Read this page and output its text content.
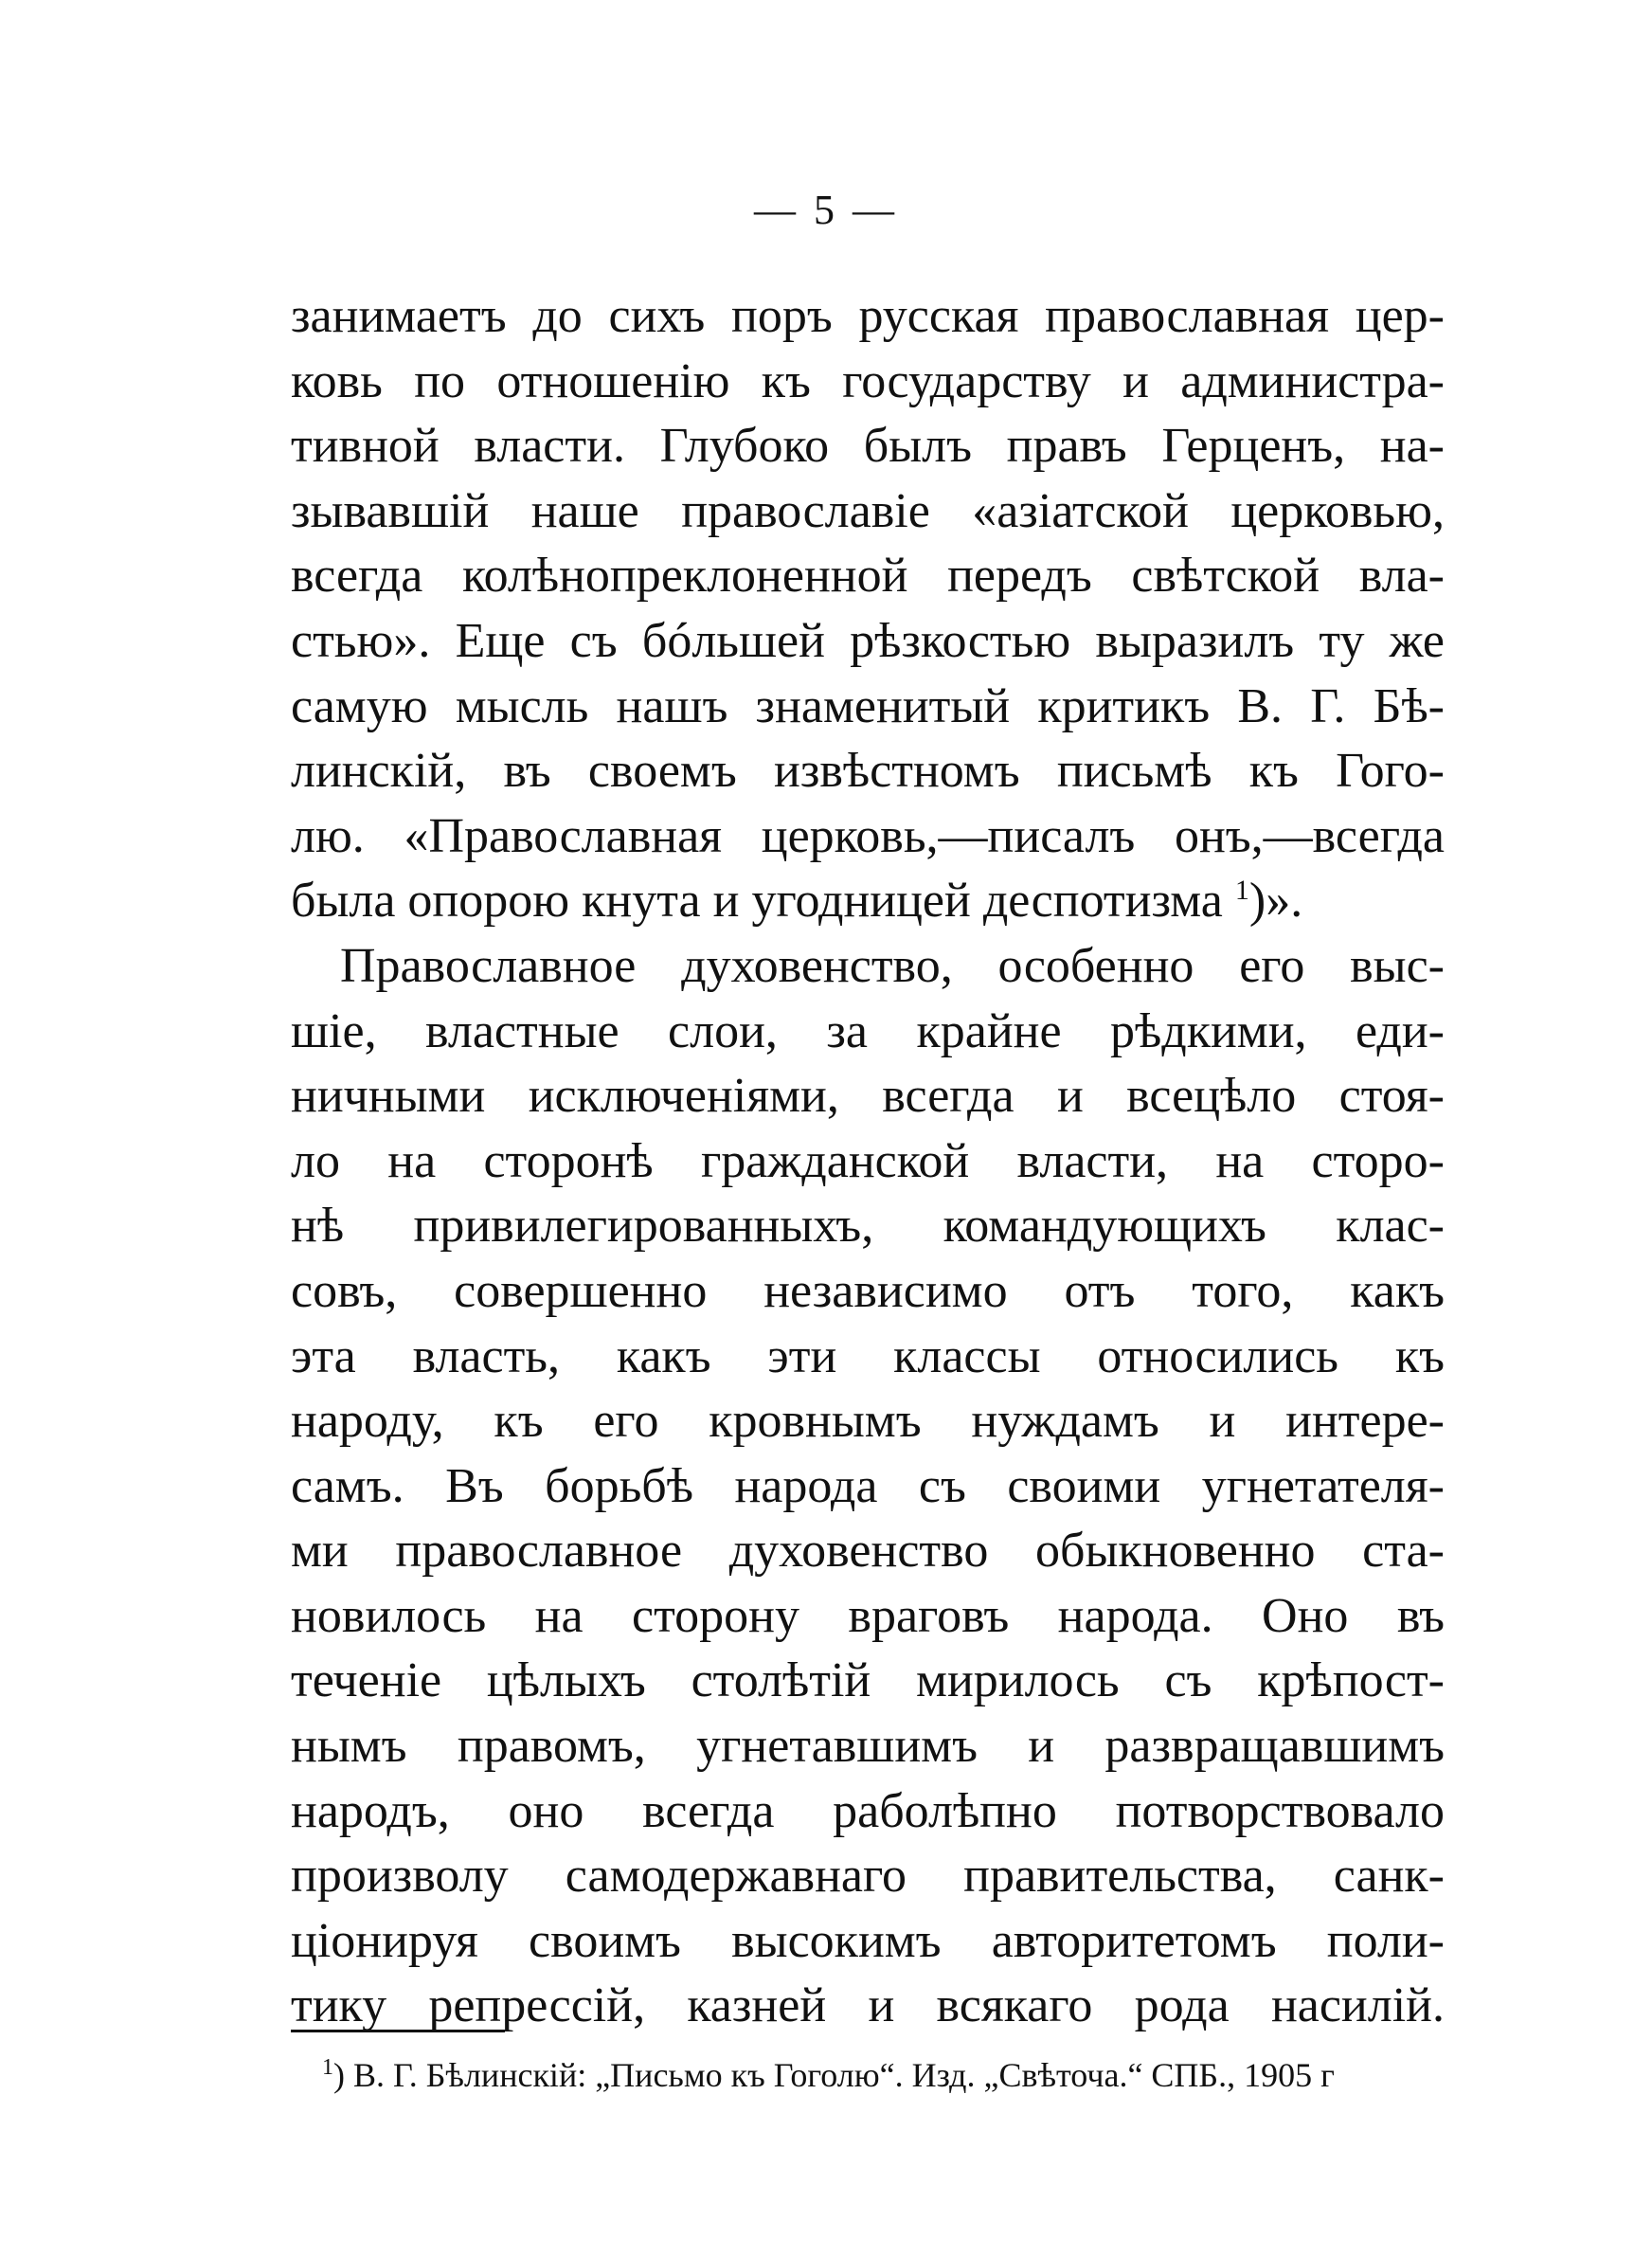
— 5 —
занимаетъ до сихъ поръ русская православная цер-
ковь по отношенію къ государству и администра-
тивной власти. Глубоко былъ правъ Герценъ, на-
зывавшій наше православіе «азіатской церковью,
всегда колѣнопреклоненной передъ свѣтской вла-
стью». Еще съ бóльшей рѣзкостью выразилъ ту же
самую мысль нашъ знаменитый критикъ В. Г. Бѣ-
линскій, въ своемъ извѣстномъ письмѣ къ Гого-
лю. «Православная церковь,—писалъ онъ,—всегда
была опорою кнута и угодницей деспотизма $^1$)».
Православное духовенство, особенно его выс-
шіе, властные слои, за крайне рѣдкими, еди-
ничными исключеніями, всегда и всецѣло стоя-
ло на сторонѣ гражданской власти, на сторо-
нѣ привилегированныхъ, командующихъ клас-
совъ, совершенно независимо отъ того, какъ
эта власть, какъ эти классы относились къ
народу, къ его кровнымъ нуждамъ и интере-
самъ. Въ борьбѣ народа съ своими угнетателя-
ми православное духовенство обыкновенно ста-
новилось на сторону враговъ народа. Оно въ
теченіе цѣлыхъ столѣтій мирилось съ крѣпост-
нымъ правомъ, угнетавшимъ и развращавшимъ
народъ, оно всегда раболѣпно потворствовало
произволу самодержавнаго правительства, санк-
ціонируя своимъ высокимъ авторитетомъ поли-
тику репрессій, казней и всякаго рода насилій.
$^1$) В. Г. Бѣлинскій: „Письмо къ Гоголю“. Изд. „Свѣточа.“ СПБ., 1905 г
